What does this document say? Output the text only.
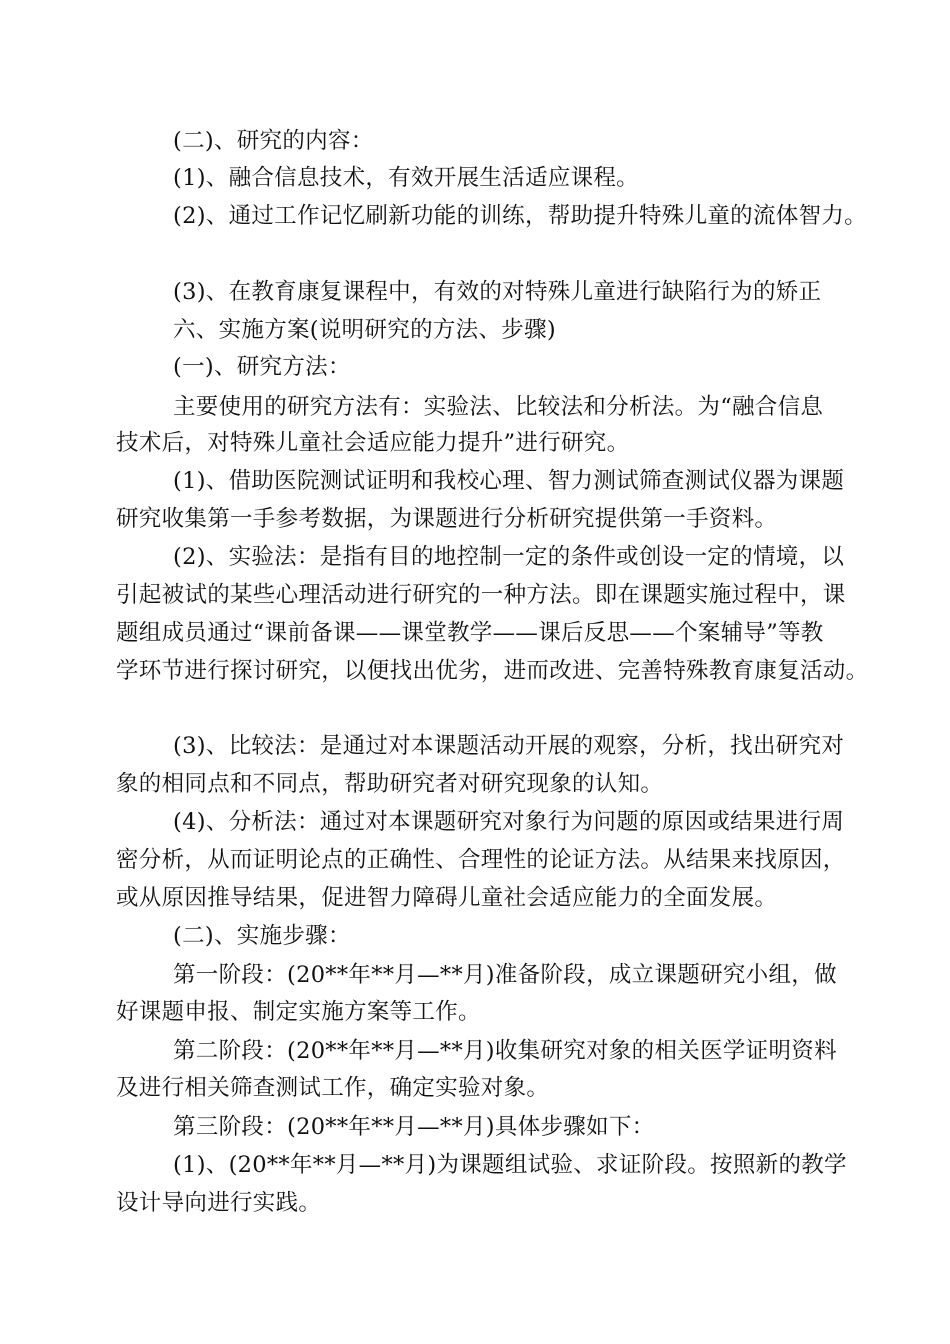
(二)、研究的内容：
(1)、融合信息技术，有效开展生活适应课程。
(2)、通过工作记忆刷新功能的训练，帮助提升特殊儿童的流体智力。
(3)、在教育康复课程中，有效的对特殊儿童进行缺陷行为的矫正
六、实施方案(说明研究的方法、步骤)
(一)、研究方法：
主要使用的研究方法有：实验法、比较法和分析法。为“融合信息
技术后，对特殊儿童社会适应能力提升”进行研究。
(1)、借助医院测试证明和我校心理、智力测试筛查测试仪器为课题
研究收集第一手参考数据，为课题进行分析研究提供第一手资料。
(2)、实验法：是指有目的地控制一定的条件或创设一定的情境，以
引起被试的某些心理活动进行研究的一种方法。即在课题实施过程中，课
题组成员通过“课前备课——课堂教学——课后反思——个案辅导”等教
学环节进行探讨研究，以便找出优劣，进而改进、完善特殊教育康复活动。
(3)、比较法：是通过对本课题活动开展的观察，分析，找出研究对
象的相同点和不同点，帮助研究者对研究现象的认知。
(4)、分析法：通过对本课题研究对象行为问题的原因或结果进行周
密分析，从而证明论点的正确性、合理性的论证方法。从结果来找原因，
或从原因推导结果，促进智力障碍儿童社会适应能力的全面发展。
(二)、实施步骤：
第一阶段：(20**年**月—**月)准备阶段，成立课题研究小组，做
好课题申报、制定实施方案等工作。
第二阶段：(20**年**月—**月)收集研究对象的相关医学证明资料
及进行相关筛查测试工作，确定实验对象。
第三阶段：(20**年**月—**月)具体步骤如下：
(1)、(20**年**月—**月)为课题组试验、求证阶段。按照新的教学
设计导向进行实践。
